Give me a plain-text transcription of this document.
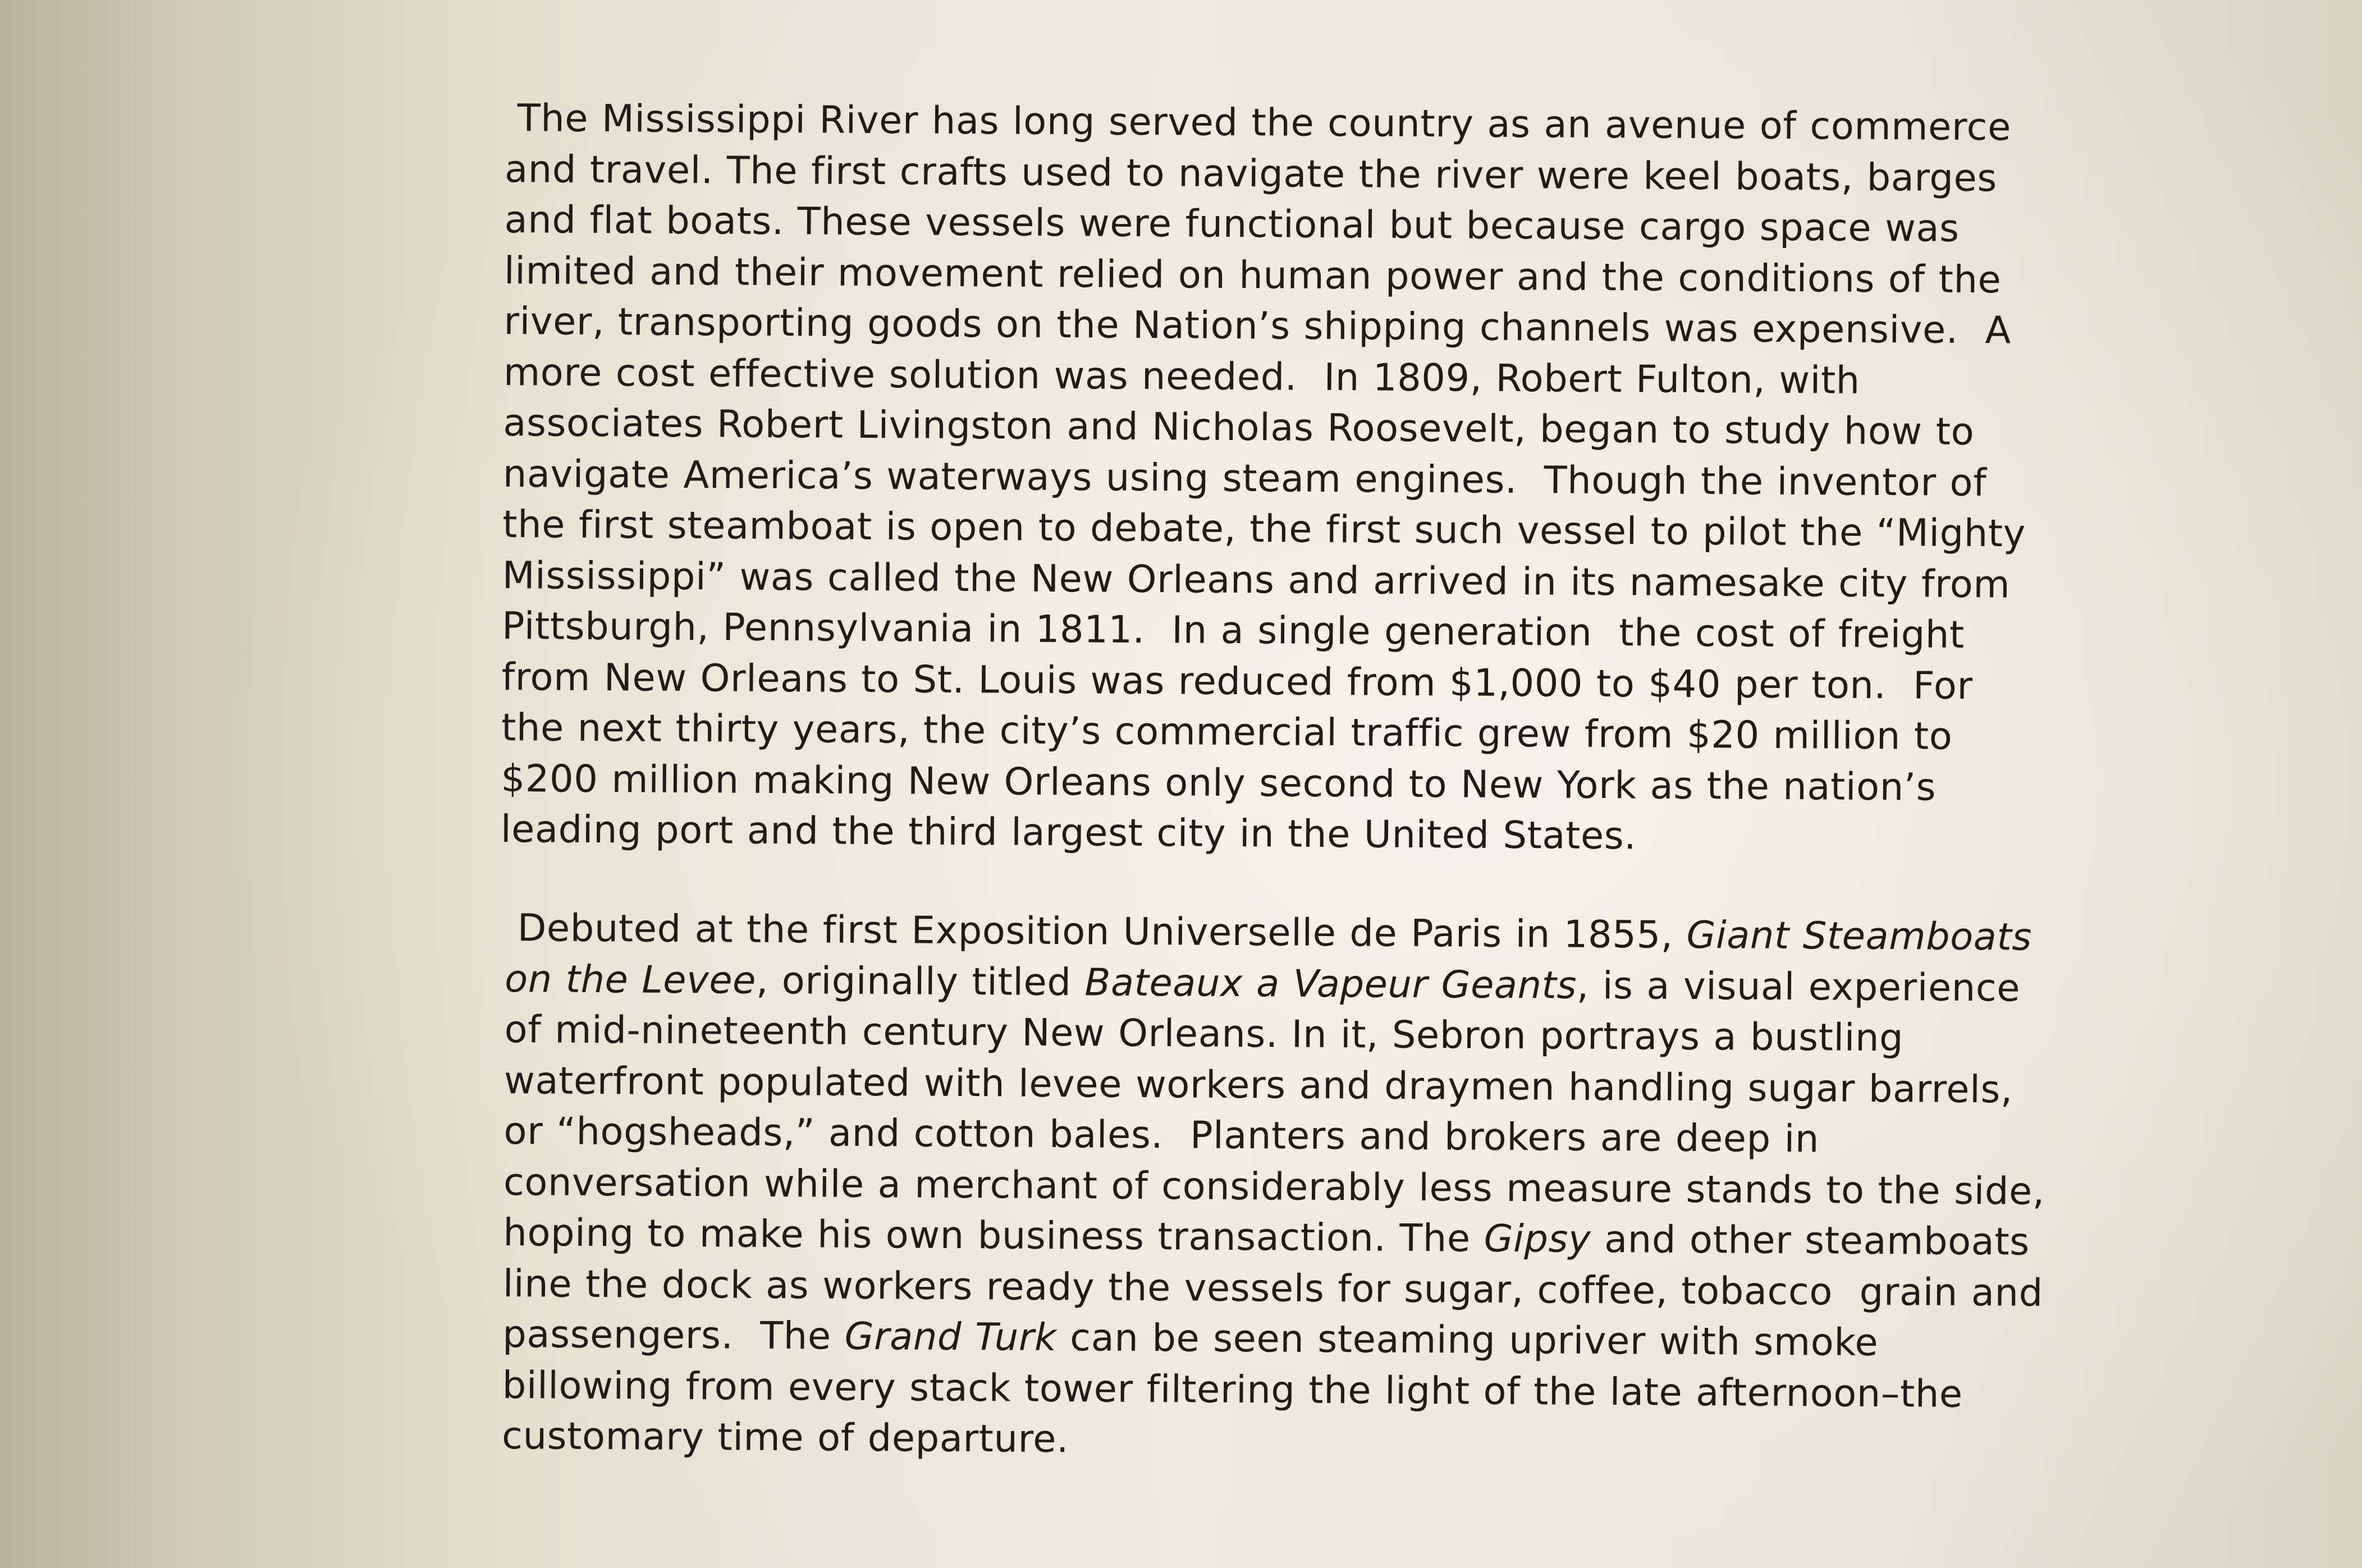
The Mississippi River has long served the country as an avenue of commerce
and travel. The first crafts used to navigate the river were keel boats, barges
and flat boats. These vessels were functional but because cargo space was
limited and their movement relied on human power and the conditions of the
river, transporting goods on the Nation’s shipping channels was expensive.  A
more cost effective solution was needed.  In 1809, Robert Fulton, with
associates Robert Livingston and Nicholas Roosevelt, began to study how to
navigate America’s waterways using steam engines.  Though the inventor of
the first steamboat is open to debate, the first such vessel to pilot the “Mighty
Mississippi” was called the New Orleans and arrived in its namesake city from
Pittsburgh, Pennsylvania in 1811.  In a single generation  the cost of freight
from New Orleans to St. Louis was reduced from $1,000 to $40 per ton.  For
the next thirty years, the city’s commercial traffic grew from $20 million to
$200 million making New Orleans only second to New York as the nation’s
leading port and the third largest city in the United States.

Debuted at the first Exposition Universelle de Paris in 1855, Giant Steamboats
on the Levee, originally titled Bateaux a Vapeur Geants, is a visual experience
of mid-nineteenth century New Orleans. In it, Sebron portrays a bustling
waterfront populated with levee workers and draymen handling sugar barrels,
or “hogsheads,” and cotton bales.  Planters and brokers are deep in
conversation while a merchant of considerably less measure stands to the side,
hoping to make his own business transaction. The Gipsy and other steamboats
line the dock as workers ready the vessels for sugar, coffee, tobacco  grain and
passengers.  The Grand Turk can be seen steaming upriver with smoke
billowing from every stack tower filtering the light of the late afternoon–the
customary time of departure.
